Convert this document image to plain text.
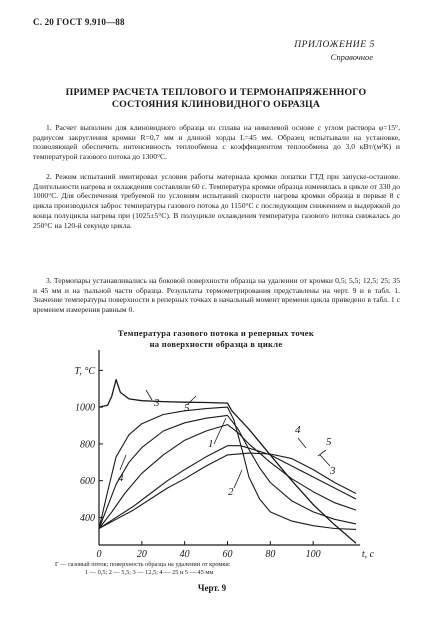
С. 20 ГОСТ 9.910—88
ПРИЛОЖЕНИЕ 5
Справочное
ПРИМЕР РАСЧЕТА ТЕПЛОВОГО И ТЕРМОНАПРЯЖЕННОГО
СОСТОЯНИЯ КЛИНОВИДНОГО ОБРАЗЦА
1. Расчет выполнен для клиновидного образца из сплава на никелевой основе с углом раствора φ=15°, радиусом закругления кромки R=0,7 мм и длиной хорды L=45 мм. Образец испытывали на установке, позволяющей обеспечить интенсивность теплообмена с коэффициентом теплообмена до 3,0 кВт/(м²К) и температурой газового потока до 1300°С.
2. Режим испытаний имитировал условия работы материала кромки лопатки ГТД при запуске-останове. Длительности нагрева и охлаждения составляли 60 с. Температура кромки образца изменялась в цикле от 330 до 1000°С. Для обеспечения требуемой по условиям испытаний скорости нагрева кромки образца в первые 8 с цикла производился заброс температуры газового потока до 1150°С с последующим снижением и выдержкой до конца полуцикла нагрева при (1025±5°С). В полуцикле охлаждения температура газового потока снижалась до 250°С на 120-й секунде цикла.
3. Термопары устанавливались на боковой поверхности образца на удалении от кромки 0,5; 5,5; 12,5; 25; 35 и 45 мм и на тыльной части образца. Результаты термометрирования представлены на черт. 9 и в табл. 1. Значение температуры поверхности в реперных точках в начальный момент времени цикла приведено в табл. 1 с временем измерения равным 0.
Температура газового потока и реперных точек
на поверхности образца в цикле
0	20	40	60	80	100	t, c
400
600
800
1000
T, °C
1
2
3
3
4
4
5
5
Г — газовый поток; поверхность образца на удалении от кромки:
1 — 0,5; 2 — 5,5; 3 — 12,5; 4 — 25 и 5 — 45 мм
Черт. 9
